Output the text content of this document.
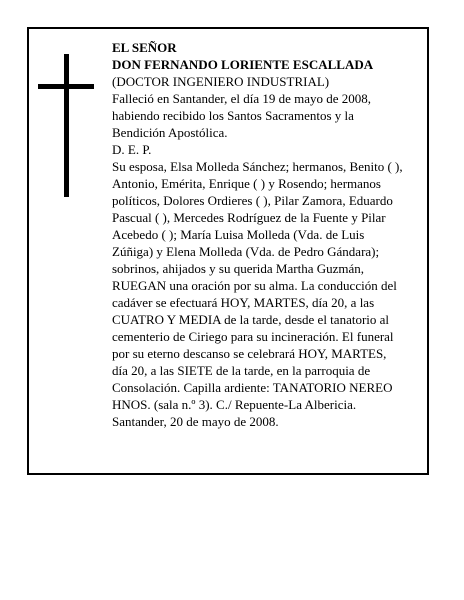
EL SEÑOR
DON FERNANDO LORIENTE ESCALLADA
(DOCTOR INGENIERO INDUSTRIAL)
Falleció en Santander, el día 19 de mayo de 2008,
habiendo recibido los Santos Sacramentos y la
Bendición Apostólica.
D. E. P.
Su esposa, Elsa Molleda Sánchez; hermanos, Benito ( ),
Antonio, Emérita, Enrique ( ) y Rosendo; hermanos
políticos, Dolores Ordieres ( ), Pilar Zamora, Eduardo
Pascual ( ), Mercedes Rodríguez de la Fuente y Pilar
Acebedo ( ); María Luisa Molleda (Vda. de Luis
Zúñiga) y Elena Molleda (Vda. de Pedro Gándara);
sobrinos, ahijados y su querida Martha Guzmán,
RUEGAN una oración por su alma. La conducción del
cadáver se efectuará HOY, MARTES, día 20, a las
CUATRO Y MEDIA de la tarde, desde el tanatorio al
cementerio de Ciriego para su incineración. El funeral
por su eterno descanso se celebrará HOY, MARTES,
día 20, a las SIETE de la tarde, en la parroquia de
Consolación. Capilla ardiente: TANATORIO NEREO
HNOS. (sala n.º 3). C./ Repuente-La Albericia.
Santander, 20 de mayo de 2008.
